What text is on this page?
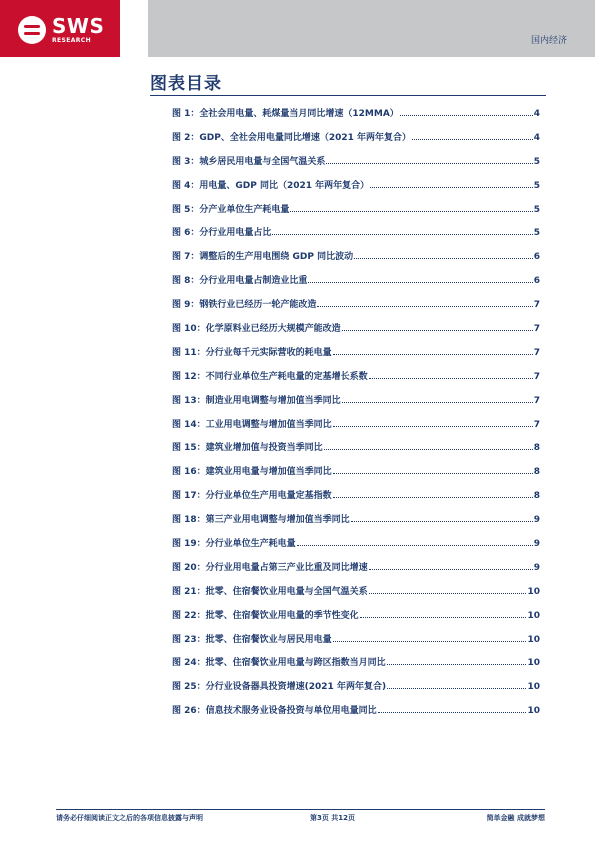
SWS
RESEARCH	国内经济
图表目录
图 1：全社会用电量、耗煤量当月同比增速（12MMA）	4
图 2：GDP、全社会用电量同比增速（2021 年两年复合）	4
图 3：城乡居民用电量与全国气温关系	5
图 4：用电量、GDP 同比（2021 年两年复合）	5
图 5：分产业单位生产耗电量	5
图 6：分行业用电量占比	5
图 7：调整后的生产用电围绕 GDP 同比波动	6
图 8：分行业用电量占制造业比重	6
图 9：钢铁行业已经历一轮产能改造	7
图 10：化学原料业已经历大规模产能改造	7
图 11：分行业每千元实际营收的耗电量	7
图 12：不同行业单位生产耗电量的定基增长系数	7
图 13：制造业用电调整与增加值当季同比	7
图 14：工业用电调整与增加值当季同比	7
图 15：建筑业增加值与投资当季同比	8
图 16：建筑业用电量与增加值当季同比	8
图 17：分行业单位生产用电量定基指数	8
图 18：第三产业用电调整与增加值当季同比	9
图 19：分行业单位生产耗电量	9
图 20：分行业用电量占第三产业比重及同比增速	9
图 21：批零、住宿餐饮业用电量与全国气温关系	10
图 22：批零、住宿餐饮业用电量的季节性变化	10
图 23：批零、住宿餐饮业与居民用电量	10
图 24：批零、住宿餐饮业用电量与跨区指数当月同比	10
图 25：分行业设备器具投资增速(2021 年两年复合)	10
图 26：信息技术服务业设备投资与单位用电量同比	10
请务必仔细阅读正文之后的各项信息披露与声明	第3页 共12页	简单金融 成就梦想
